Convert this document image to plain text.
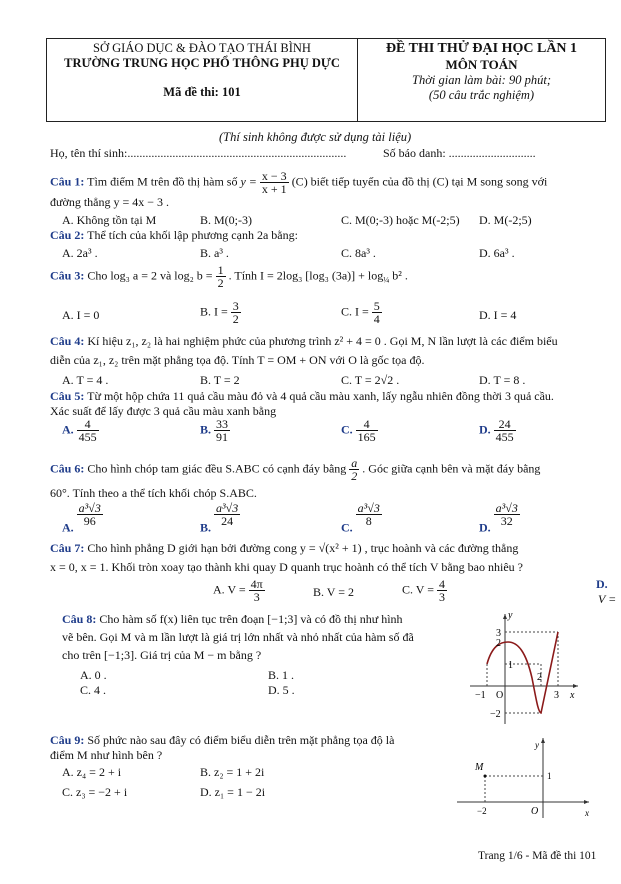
SỞ GIÁO DỤC & ĐÀO TẠO THÁI BÌNH
TRƯỜNG TRUNG HỌC PHỔ THÔNG PHỤ DỰC
Mã đề thi: 101
ĐỀ THI THỬ ĐẠI HỌC LẦN 1
MÔN TOÁN
Thời gian làm bài: 90 phút;
(50 câu trắc nghiệm)
(Thí sinh không được sử dụng tài liệu)
Họ, tên thí sinh:.........................................................................	Số báo danh: .............................
Câu 1: Tìm điểm M trên đồ thị hàm số $y = \frac{x - 3}{x + 1} (C)$ biết tiếp tuyến của đồ thị (C) tại M song song với
đường thẳng y = 4x − 3 .
A. Không tồn tại M	B. M(0;-3)	C. M(0;-3) hoặc M(-2;5) D. M(-2;5)
Câu 2: Thể tích của khối lập phương cạnh 2a bằng:
A. 2a³ .	B. a³ .	C. 8a³ .	D. 6a³ .
Câu 3: Cho log₃ a = 2 và log₂ $b = \frac{1}{2}$ . Tính I = 2log₃ [log₃ $(3a)] + \log_{\frac{1}{4}} b^2$ .
A. I = 0	B. $I = \frac{3}{2}$	C. $I = \frac{5}{4}$	D. I = 4
Câu 4: Kí hiệu z₁, z₂ là hai nghiệm phức của phương trình z² + 4 = 0 . Gọi M, N lần lượt là các điểm biểu
diễn của z₁, z₂ trên mặt phẳng tọa độ. Tính T = OM + ON với O là gốc tọa độ.
A. T = 4 .	B. T = 2	C. T = 2√2 .	D. T = 8 .
Câu 5: Từ một hộp chứa 11 quả cầu màu đỏ và 4 quả cầu màu xanh, lấy ngẫu nhiên đồng thời 3 quả cầu.
Xác suất để lấy được 3 quả cầu màu xanh bằng
A. $\frac{4}{455}$	B. $\frac{33}{91}$	C. $\frac{4}{165}$	D. $\frac{24}{455}$
Câu 6: Cho hình chóp tam giác đều S.ABC có cạnh đáy bằng $\frac{a}{2}$ . Góc giữa cạnh bên và mặt đáy bằng
60°. Tính theo a thể tích khối chóp S.ABC.
A.
$\frac{\text{a³√3}}{96}$
B.
$\frac{\text{a³√3}}{24}$
C.
$\frac{\text{a³√3}}{8}$
D.
$\frac{\text{a³√3}}{32}$
Câu 7: Cho hình phẳng D giới hạn bởi đường cong y = √(x² + 1) , trục hoành và các đường thẳng
x = 0, x = 1. Khối tròn xoay tạo thành khi quay D quanh trục hoành có thể tích V bằng bao nhiêu ?
A. $V = \frac{4\pi}{3}$	B. V = 2	C. $V = \frac{4}{3}$	D.
V =
Câu 8: Cho hàm số f(x) liên tục trên đoạn [−1;3] và có đồ thị như hình
vẽ bên. Gọi M và m lần lượt là giá trị lớn nhất và nhỏ nhất của hàm số đã
cho trên [−1;3]. Giá trị của M − m bằng ?
A. 0 .	B. 1 .
C. 4 .	D. 5 .
y
x
O
3
2
1
−1
−2
2
3
Câu 9: Số phức nào sau đây có điểm biểu diễn trên mặt phẳng tọa độ là
điểm M như hình bên ?
A. z₄ = 2 + i	B. z₂ = 1 + 2i
C. z₃ = −2 + i	D. z₁ = 1 − 2i
y
x
O
M
1
−2
Trang 1/6 - Mã đề thi 101
